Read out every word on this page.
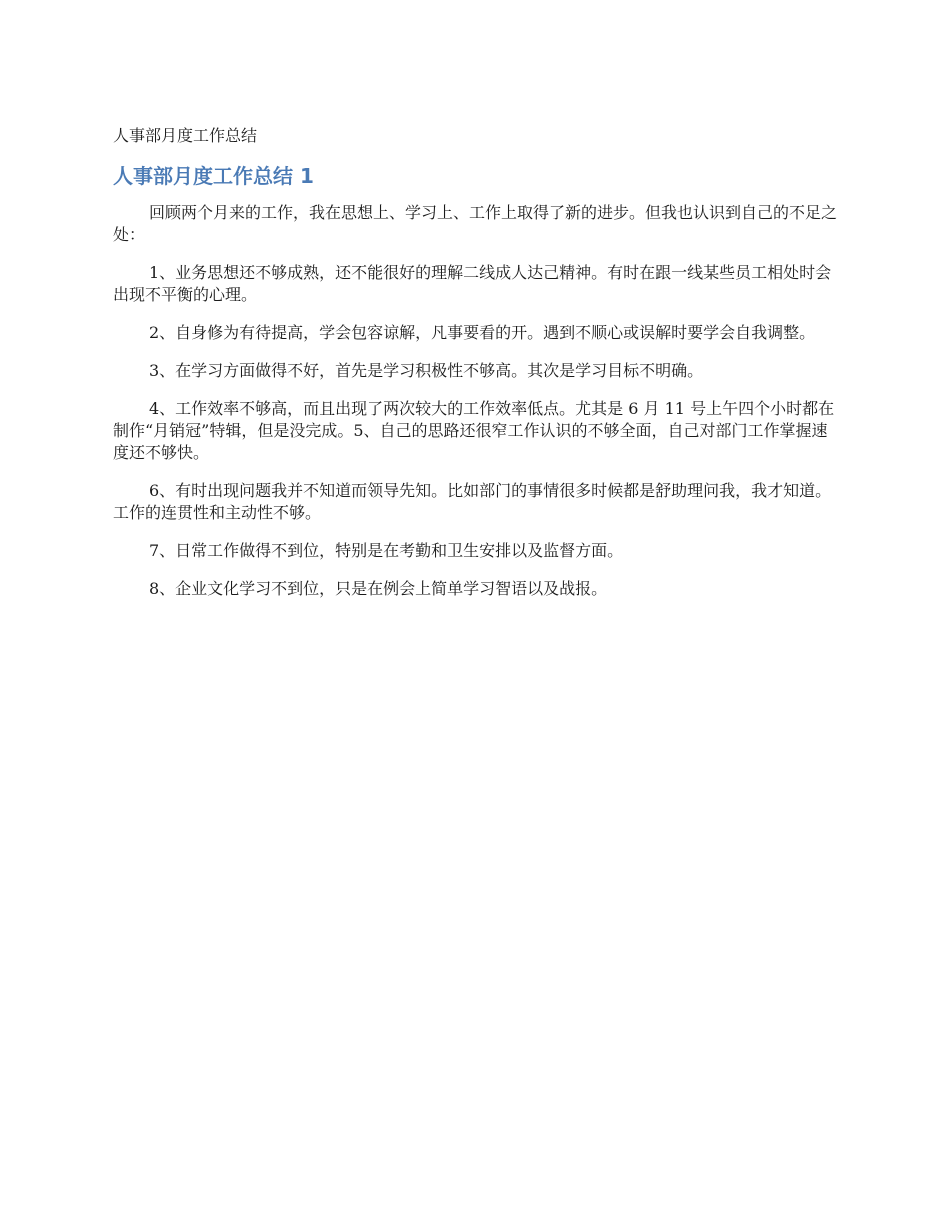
人事部月度工作总结
人事部月度工作总结 1

回顾两个月来的工作，我在思想上、学习上、工作上取得了新的进步。但我也认识到自己的不足之处：

1、业务思想还不够成熟，还不能很好的理解二线成人达己精神。有时在跟一线某些员工相处时会出现不平衡的心理。

2、自身修为有待提高，学会包容谅解，凡事要看的开。遇到不顺心或误解时要学会自我调整。

3、在学习方面做得不好，首先是学习积极性不够高。其次是学习目标不明确。

4、工作效率不够高，而且出现了两次较大的工作效率低点。尤其是 6 月 11 号上午四个小时都在制作“月销冠”特辑，但是没完成。5、自己的思路还很窄工作认识的不够全面，自己对部门工作掌握速度还不够快。

6、有时出现问题我并不知道而领导先知。比如部门的事情很多时候都是舒助理问我，我才知道。工作的连贯性和主动性不够。

7、日常工作做得不到位，特别是在考勤和卫生安排以及监督方面。

8、企业文化学习不到位，只是在例会上简单学习智语以及战报。
